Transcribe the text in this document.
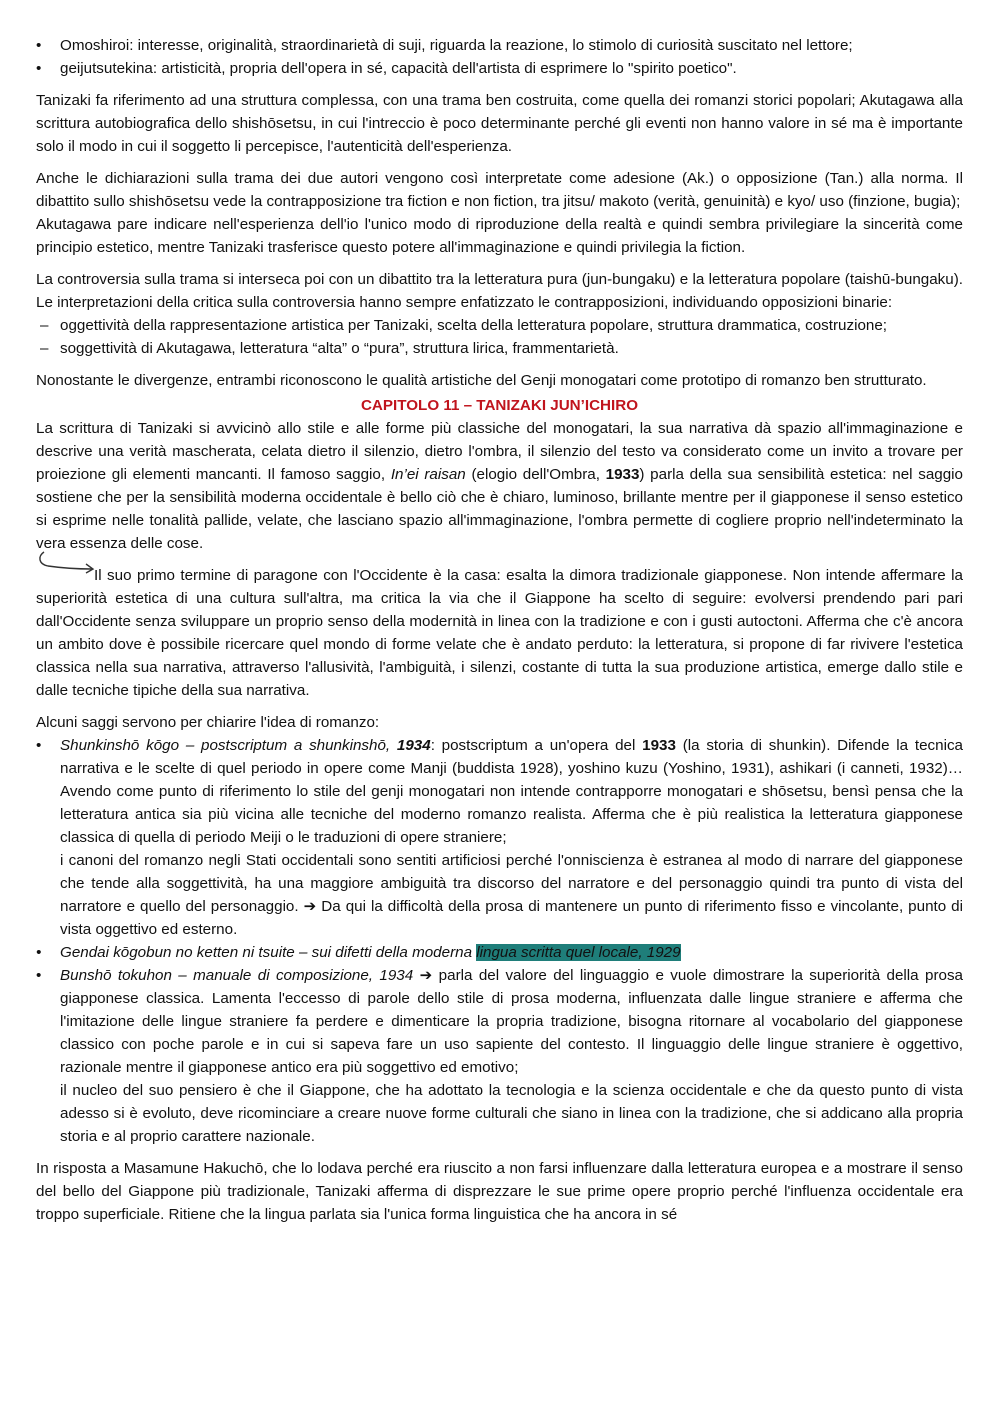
• Omoshiroi: interesse, originalità, straordinarietà di suji, riguarda la reazione, lo stimolo di curiosità suscitato nel lettore;
• geijutsutekina: artisticità, propria dell'opera in sé, capacità dell'artista di esprimere lo "spirito poetico".

Tanizaki fa riferimento ad una struttura complessa, con una trama ben costruita, come quella dei romanzi storici popolari; Akutagawa alla scrittura autobiografica dello shishōsetsu, in cui l'intreccio è poco determinante perché gli eventi non hanno valore in sé ma è importante solo il modo in cui il soggetto li percepisce, l'autenticità dell'esperienza.

Anche le dichiarazioni sulla trama dei due autori vengono così interpretate come adesione (Ak.) o opposizione (Tan.) alla norma. Il dibattito sullo shishōsetsu vede la contrapposizione tra fiction e non fiction, tra jitsu/ makoto (verità, genuinità) e kyo/ uso (finzione, bugia);
Akutagawa pare indicare nell'esperienza dell'io l'unico modo di riproduzione della realtà e quindi sembra privilegiare la sincerità come principio estetico, mentre Tanizaki trasferisce questo potere all'immaginazione e quindi privilegia la fiction.

La controversia sulla trama si interseca poi con un dibattito tra la letteratura pura (jun-bungaku) e la letteratura popolare (taishū-bungaku). Le interpretazioni della critica sulla controversia hanno sempre enfatizzato le contrapposizioni, individuando opposizioni binarie:

– oggettività della rappresentazione artistica per Tanizaki, scelta della letteratura popolare, struttura drammatica, costruzione;
– soggettività di Akutagawa, letteratura “alta” o “pura”, struttura lirica, frammentarietà.

Nonostante le divergenze, entrambi riconoscono le qualità artistiche del Genji monogatari come prototipo di romanzo ben strutturato.

CAPITOLO 11 – TANIZAKI JUN’ICHIRO

La scrittura di Tanizaki si avvicinò allo stile e alle forme più classiche del monogatari, la sua narrativa dà spazio all'immaginazione e descrive una verità mascherata, celata dietro il silenzio, dietro l'ombra, il silenzio del testo va considerato come un invito a trovare per proiezione gli elementi mancanti. Il famoso saggio, In’ei raisan (elogio dell'Ombra, 1933) parla della sua sensibilità estetica: nel saggio sostiene che per la sensibilità moderna occidentale è bello ciò che è chiaro, luminoso, brillante mentre per il giapponese il senso estetico si esprime nelle tonalità pallide, velate, che lasciano spazio all'immaginazione, l'ombra permette di cogliere proprio nell'indeterminato la vera essenza delle cose.

Il suo primo termine di paragone con l'Occidente è la casa: esalta la dimora tradizionale giapponese. Non intende affermare la superiorità estetica di una cultura sull'altra, ma critica la via che il Giappone ha scelto di seguire: evolversi prendendo pari pari dall'Occidente senza sviluppare un proprio senso della modernità in linea con la tradizione e con i gusti autoctoni. Afferma che c'è ancora un ambito dove è possibile ricercare quel mondo di forme velate che è andato perduto: la letteratura, si propone di far rivivere l'estetica classica nella sua narrativa, attraverso l'allusività, l'ambiguità, i silenzi, costante di tutta la sua produzione artistica, emerge dallo stile e dalle tecniche tipiche della sua narrativa.

Alcuni saggi servono per chiarire l'idea di romanzo:

• Shunkinshō kōgo – postscriptum a shunkinshō, 1934: postscriptum a un'opera del 1933 (la storia di shunkin). Difende la tecnica narrativa e le scelte di quel periodo in opere come Manji (buddista 1928), yoshino kuzu (Yoshino, 1931), ashikari (i canneti, 1932)… Avendo come punto di riferimento lo stile del genji monogatari non intende contrapporre monogatari e shōsetsu, bensì pensa che la letteratura antica sia più vicina alle tecniche del moderno romanzo realista. Afferma che è più realistica la letteratura giapponese classica di quella di periodo Meiji o le traduzioni di opere straniere;
i canoni del romanzo negli Stati occidentali sono sentiti artificiosi perché l'onniscienza è estranea al modo di narrare del giapponese che tende alla soggettività, ha una maggiore ambiguità tra discorso del narratore e del personaggio quindi tra punto di vista del narratore e quello del personaggio. ➔ Da qui la difficoltà della prosa di mantenere un punto di riferimento fisso e vincolante, punto di vista oggettivo ed esterno.
• Gendai kōgobun no ketten ni tsuite – sui difetti della moderna lingua scritta quel locale, 1929
• Bunshō tokuhon – manuale di composizione, 1934 ➔ parla del valore del linguaggio e vuole dimostrare la superiorità della prosa giapponese classica. Lamenta l'eccesso di parole dello stile di prosa moderna, influenzata dalle lingue straniere e afferma che l'imitazione delle lingue straniere fa perdere e dimenticare la propria tradizione, bisogna ritornare al vocabolario del giapponese classico con poche parole e in cui si sapeva fare un uso sapiente del contesto. Il linguaggio delle lingue straniere è oggettivo, razionale mentre il giapponese antico era più soggettivo ed emotivo;
il nucleo del suo pensiero è che il Giappone, che ha adottato la tecnologia e la scienza occidentale e che da questo punto di vista adesso si è evoluto, deve ricominciare a creare nuove forme culturali che siano in linea con la tradizione, che si addicano alla propria storia e al proprio carattere nazionale.

In risposta a Masamune Hakuchō, che lo lodava perché era riuscito a non farsi influenzare dalla letteratura europea e a mostrare il senso del bello del Giappone più tradizionale, Tanizaki afferma di disprezzare le sue prime opere proprio perché l'influenza occidentale era troppo superficiale. Ritiene che la lingua parlata sia l'unica forma linguistica che ha ancora in sé
